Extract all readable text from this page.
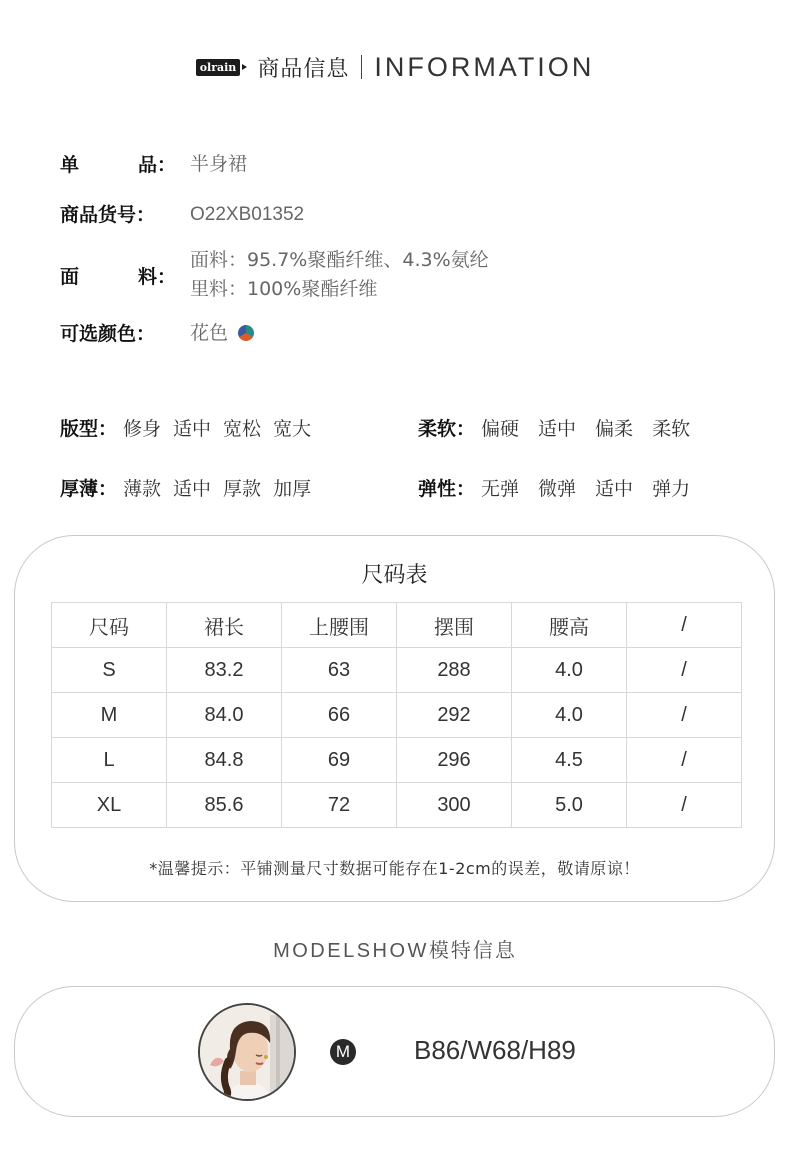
olrain 商品信息 INFORMATION
单	品： 半身裙
商品货号：	O22XB01352
面	料：
面料：95.7%聚酯纤维、4.3%氨纶
里料：100%聚酯纤维
可选颜色：	花色
版型： 修身 适中 宽松 宽大	柔软： 偏硬 适中 偏柔 柔软
厚薄： 薄款 适中 厚款 加厚	弹性： 无弹 微弹 适中 弹力
尺码表
尺码	裙长	上腰围	摆围	腰高	/
S	83.2	63	288	4.0	/
M	84.0	66	292	4.0	/
L	84.8	69	296	4.5	/
XL	85.6	72	300	5.0	/
*温馨提示：平铺测量尺寸数据可能存在1-2cm的误差，敬请原谅！
MODELSHOW模特信息
M B86/W68/H89
